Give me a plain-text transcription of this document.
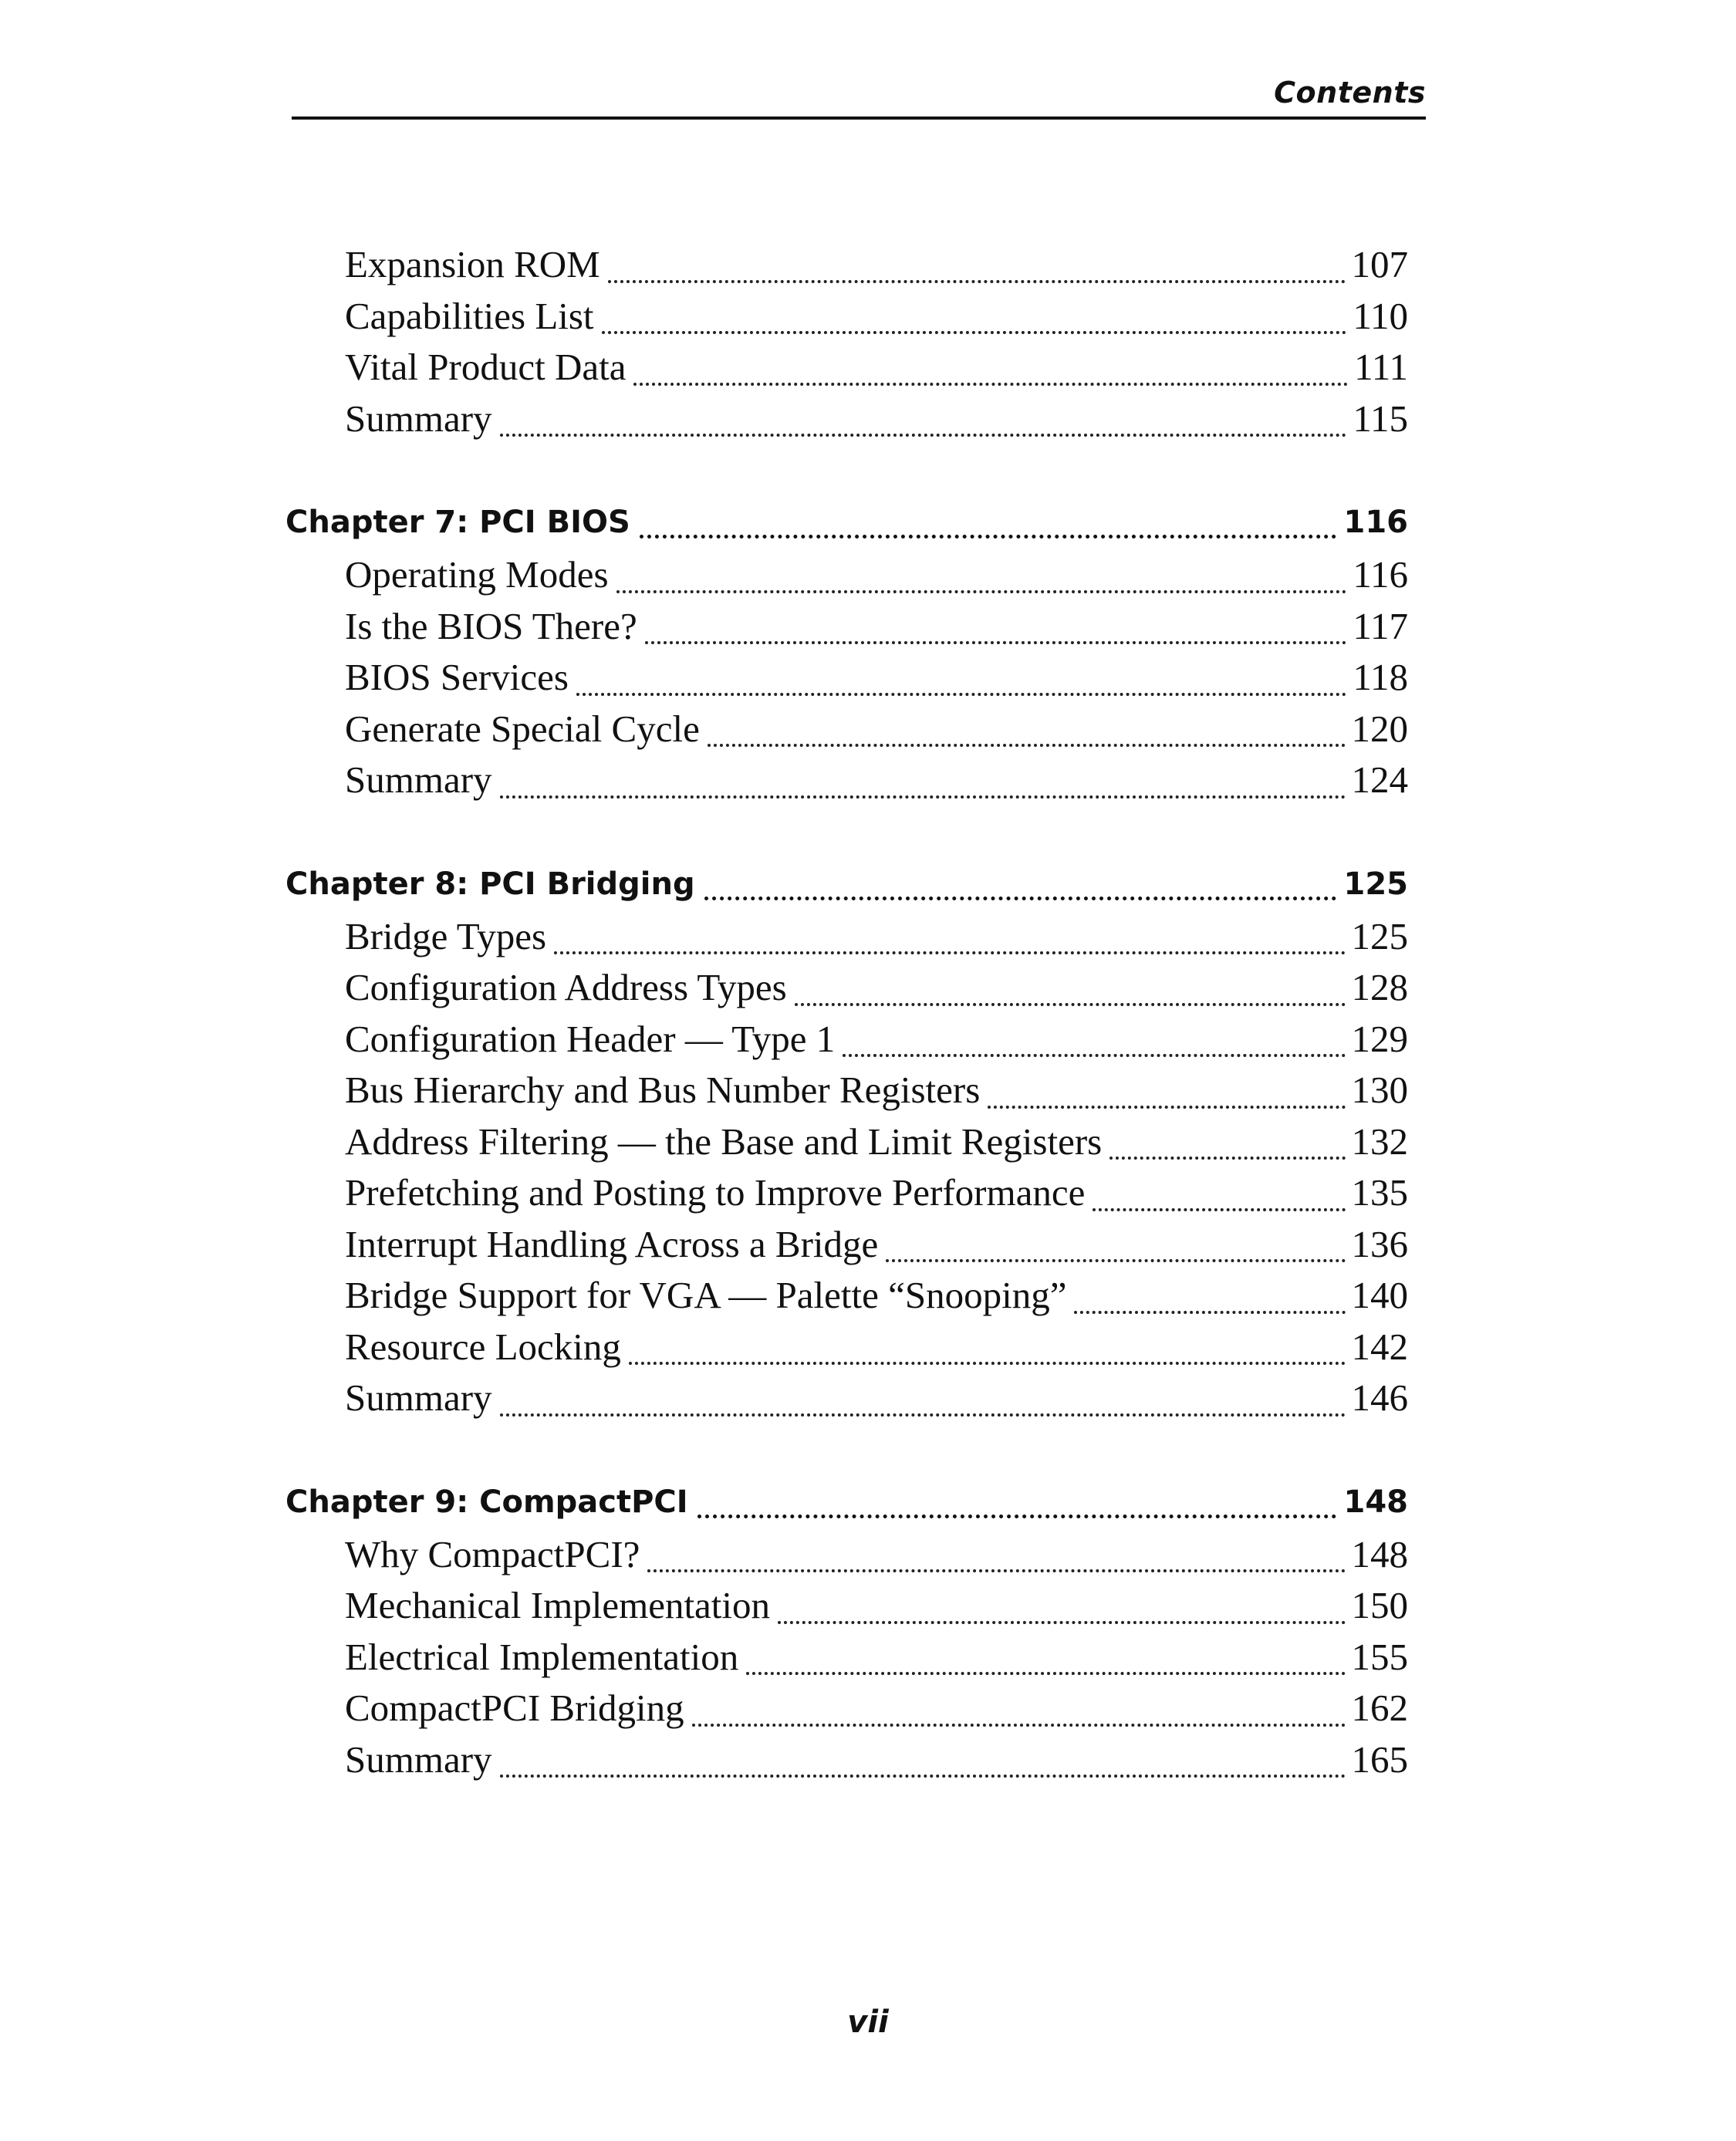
Contents
Expansion ROM	107
Capabilities List	110
Vital Product Data	111
Summary	115
Chapter 7: PCI BIOS	116
Operating Modes	116
Is the BIOS There?	117
BIOS Services	118
Generate Special Cycle	120
Summary	124
Chapter 8: PCI Bridging	125
Bridge Types	125
Configuration Address Types	128
Configuration Header — Type 1	129
Bus Hierarchy and Bus Number Registers	130
Address Filtering — the Base and Limit Registers	132
Prefetching and Posting to Improve Performance	135
Interrupt Handling Across a Bridge	136
Bridge Support for VGA — Palette “Snooping”	140
Resource Locking	142
Summary	146
Chapter 9: CompactPCI	148
Why CompactPCI?	148
Mechanical Implementation	150
Electrical Implementation	155
CompactPCI Bridging	162
Summary	165
vii
